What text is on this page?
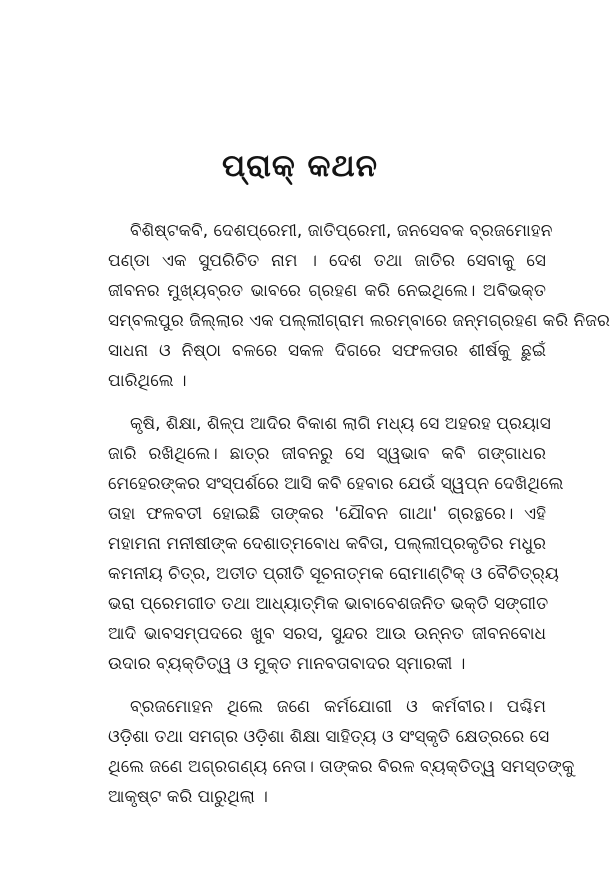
ପ୍ରାକ୍ କଥନ

ବିଶିଷ୍ଟକବି, ଦେଶପ୍ରେମୀ, ଜାତିପ୍ରେମୀ, ଜନସେବକ ବ୍ରଜମୋହନ
ପଣ୍ଡା ଏକ ସୁପରିଚିତ ନାମ । ଦେଶ ତଥା ଜାତିର ସେବାକୁ ସେ
ଜୀବନର ମୁଖ୍ୟବ୍ରତ ଭାବରେ ଗ୍ରହଣ କରି ନେଇଥିଲେ। ଅବିଭକ୍ତ
ସମ୍ବଲପୁର ଜିଲ୍ଲାର ଏକ ପଲ୍ଲୀଗ୍ରାମ ଲରମ୍ବାରେ ଜନ୍ମଗ୍ରହଣ କରି ନିଜର
ସାଧନା ଓ ନିଷ୍ଠା ବଳରେ ସକଳ ଦିଗରେ ସଫଳତାର ଶୀର୍ଷକୁ ଛୁଇଁ
ପାରିଥିଲେ ।

କୃଷି, ଶିକ୍ଷା, ଶିଳ୍ପ ଆଦିର ବିକାଶ ଲାଗି ମଧ୍ୟ ସେ ଅହରହ ପ୍ରୟାସ
ଜାରି ରଖିଥିଲେ। ଛାତ୍ର ଜୀବନରୁ ସେ ସ୍ୱଭାବ କବି ଗଙ୍ଗାଧର
ମେହେରଙ୍କର ସଂସ୍ପର୍ଶରେ ଆସି କବି ହେବାର ଯେଉଁ ସ୍ୱପ୍ନ ଦେଖିଥିଲେ
ତାହା ଫଳବତୀ ହୋଇଛି ତାଙ୍କର 'ଯୌବନ ଗାଥା' ଗ୍ରନ୍ଥରେ। ଏହି
ମହାମନା ମନୀଷୀଙ୍କ ଦେଶାତ୍ମବୋଧ କବିତା, ପଲ୍ଲୀପ୍ରକୃତିର ମଧୁର
କମନୀୟ ଚିତ୍ର, ଅତୀତ ପ୍ରୀତି ସୂଚନାତ୍ମକ ରୋମାଣ୍ଟିକ୍ ଓ ବୈଚିତ୍ର୍ୟ
ଭରା ପ୍ରେମଗୀତ ତଥା ଆଧ୍ୟାତ୍ମିକ ଭାବାବେଶଜନିତ ଭକ୍ତି ସଙ୍ଗୀତ
ଆଦି ଭାବସମ୍ପଦରେ ଖୁବ ସରସ, ସୁନ୍ଦର ଆଉ ଉନ୍ନତ ଜୀବନବୋଧ
ଉଦାର ବ୍ୟକ୍ତିତ୍ୱ ଓ ମୁକ୍ତ ମାନବତାବାଦର ସ୍ମାରକୀ ।

ବ୍ରଜମୋହନ ଥିଲେ ଜଣେ କର୍ମଯୋଗୀ ଓ କର୍ମବୀର। ପଶ୍ଚିମ
ଓଡ଼ିଶା ତଥା ସମଗ୍ର ଓଡ଼ିଶା ଶିକ୍ଷା ସାହିତ୍ୟ ଓ ସଂସ୍କୃତି କ୍ଷେତ୍ରରେ ସେ
ଥିଲେ ଜଣେ ଅଗ୍ରଗଣ୍ୟ ନେତା। ତାଙ୍କର ବିରଳ ବ୍ୟକ୍ତିତ୍ୱ ସମସ୍ତଙ୍କୁ
ଆକୃଷ୍ଟ କରି ପାରୁଥିଲା ।
